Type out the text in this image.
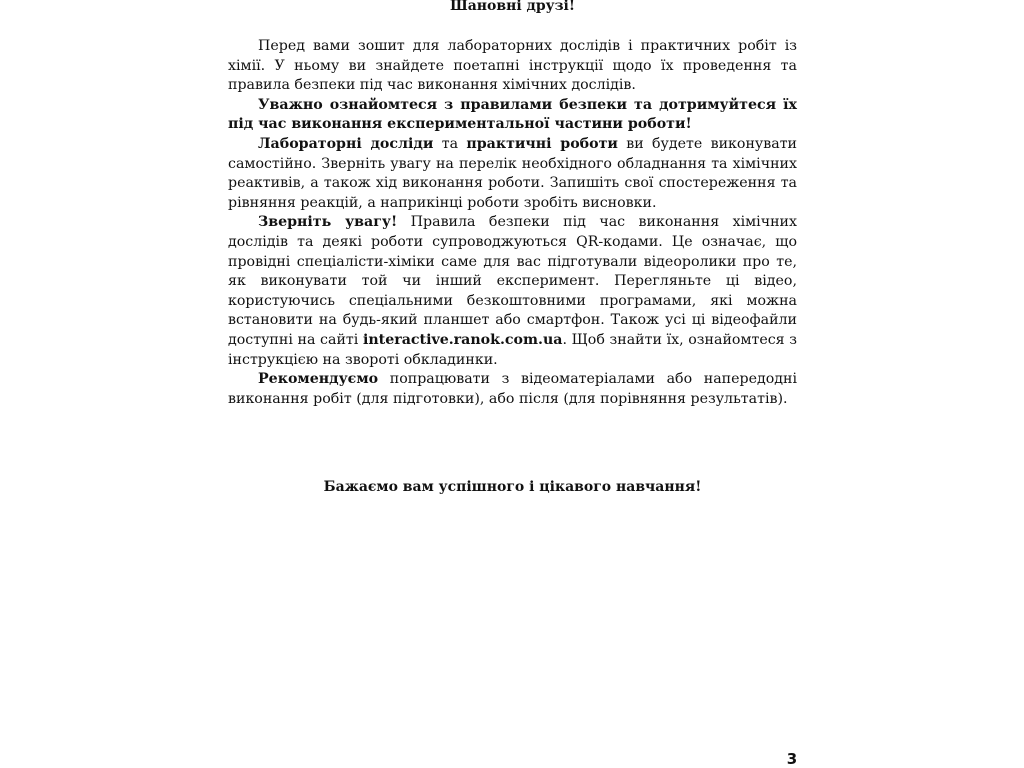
Шановні друзі!

Перед вами зошит для лабораторних дослідів і практичних робіт із хімії. У ньому ви знайдете поетапні інструкції щодо їх проведення та правила безпеки під час виконання хімічних дослідів.

Уважно ознайомтеся з правилами безпеки та дотримуйтеся їх під час виконання експериментальної частини роботи!

Лабораторні досліди та практичні роботи ви будете виконувати самостійно. Зверніть увагу на перелік необхідного обладнання та хімічних реактивів, а також хід виконання роботи. Запишіть свої спостереження та рівняння реакцій, а наприкінці роботи зробіть висновки.

Зверніть увагу! Правила безпеки під час виконання хімічних дослідів та деякі роботи супроводжуються QR-кодами. Це означає, що провідні спеціалісти-хіміки саме для вас підготували відеоролики про те, як виконувати той чи інший експеримент. Перегляньте ці відео, користуючись спеціальними безкоштовними програмами, які можна встановити на будь-який планшет або смартфон. Також усі ці відеофайли доступні на сайті interactive.ranok.com.ua. Щоб знайти їх, ознайомтеся з інструкцією на звороті обкладинки.

Рекомендуємо попрацювати з відеоматеріалами або напередодні виконання робіт (для підготовки), або після (для порівняння результатів).

Бажаємо вам успішного і цікавого навчання!
3
